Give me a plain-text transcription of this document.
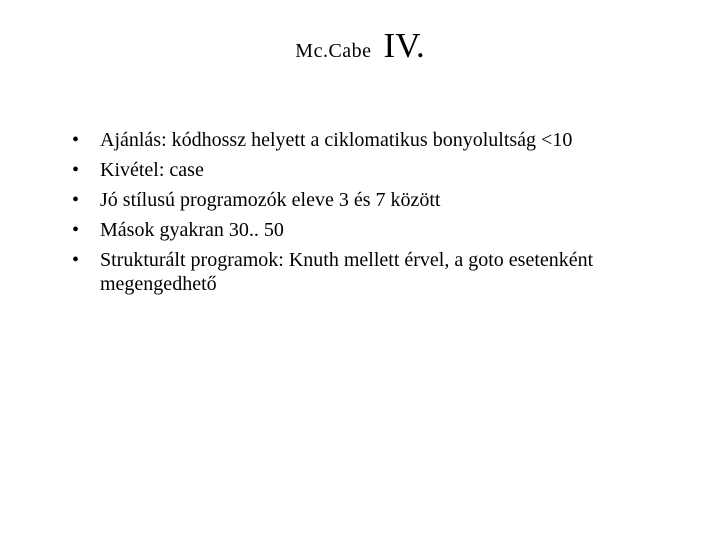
Mc.Cabe IV.
•	Ajánlás: kódhossz helyett a ciklomatikus bonyolultság <10
•	Kivétel: case
•	Jó stílusú programozók eleve 3 és 7 között
•	Mások gyakran 30.. 50
•	Strukturált programok: Knuth mellett érvel, a goto esetenként megengedhető
